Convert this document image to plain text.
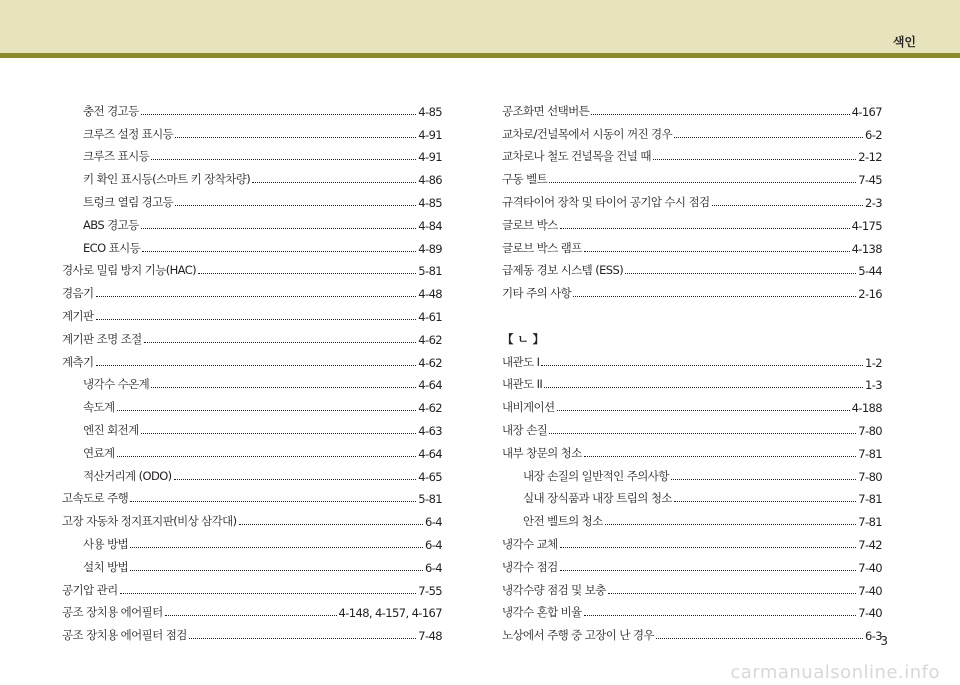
색인
충전 경고등	4-85
크루즈 설정 표시등	4-91
크루즈 표시등	4-91
키 확인 표시등(스마트 키 장착차량)	4-86
트렁크 열림 경고등	4-85
ABS 경고등	4-84
ECO 표시등	4-89
경사로 밀림 방지 기능(HAC)	5-81
경음기	4-48
계기판	4-61
계기판 조명 조절	4-62
계측기	4-62
냉각수 수온계	4-64
속도계	4-62
엔진 회전계	4-63
연료계	4-64
적산거리계 (ODO)	4-65
고속도로 주행	5-81
고장 자동차 정지표지판(비상 삼각대)	6-4
사용 방법	6-4
설치 방법	6-4
공기압 관리	7-55
공조 장치용 에어필터	4-148, 4-157, 4-167
공조 장치용 에어필터 점검	7-48
공조화면 선택버튼	4-167
교차로/건널목에서 시동이 꺼진 경우	6-2
교차로나 철도 건널목을 건널 때	2-12
구동 벨트	7-45
규격타이어 장착 및 타이어 공기압 수시 점검	2-3
글로브 박스	4-175
글로브 박스 램프	4-138
급제동 경보 시스템 (ESS)	5-44
기타 주의 사항	2-16
【 ㄴ 】
내관도 I	1-2
내관도 II	1-3
내비게이션	4-188
내장 손질	7-80
내부 창문의 청소	7-81
내장 손질의 일반적인 주의사항	7-80
실내 장식품과 내장 트림의 청소	7-81
안전 벨트의 청소	7-81
냉각수 교체	7-42
냉각수 점검	7-40
냉각수량 점검 및 보충	7-40
냉각수 혼합 비율	7-40
노상에서 주행 중 고장이 난 경우	6-3
3
carmanualsonline.info
